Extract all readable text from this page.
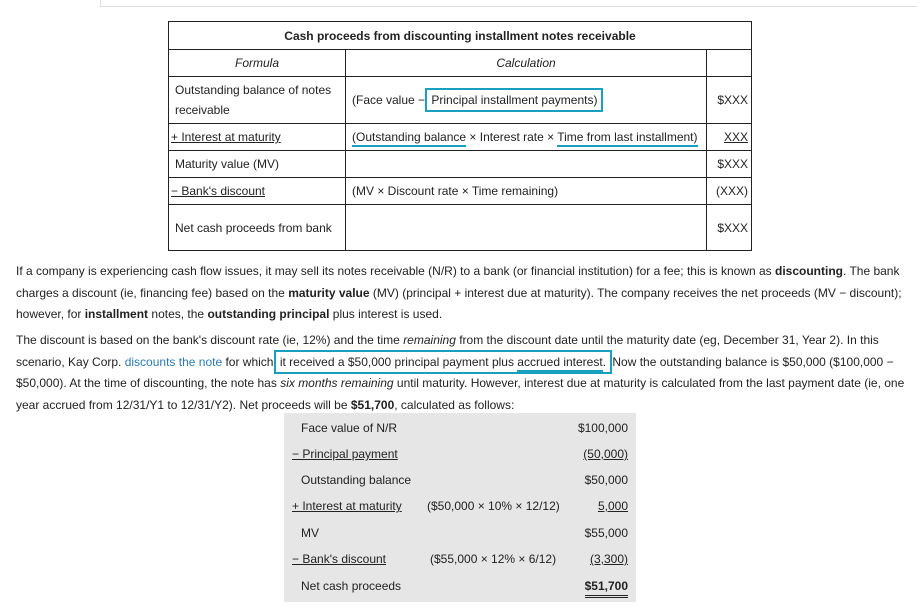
Cash proceeds from discounting installment notes receivable		
Formula	Calculation	
Outstanding balance of notes receivable	(Face value − Principal installment payments)	$XXX
+ Interest at maturity	(Outstanding balance × Interest rate × Time from last installment)	XXX
Maturity value (MV)		$XXX
− Bank's discount	(MV × Discount rate × Time remaining)	(XXX)
Net cash proceeds from bank		$XXX

If a company is experiencing cash flow issues, it may sell its notes receivable (N/R) to a bank (or financial institution) for a fee; this is known as discounting. The bank charges a discount (ie, financing fee) based on the maturity value (MV) (principal + interest due at maturity). The company receives the net proceeds (MV − discount); however, for installment notes, the outstanding principal plus interest is used.

The discount is based on the bank's discount rate (ie, 12%) and the time remaining from the discount date until the maturity date (eg, December 31, Year 2). In this scenario, Kay Corp. discounts the note for which it received a $50,000 principal payment plus accrued interest. Now the outstanding balance is $50,000 ($100,000 − $50,000). At the time of discounting, the note has six months remaining until maturity. However, interest due at maturity is calculated from the last payment date (ie, one year accrued from 12/31/Y1 to 12/31/Y2). Net proceeds will be $51,700, calculated as follows:

Face value of N/R	$100,000
− Principal payment	(50,000)
Outstanding balance	$50,000
+ Interest at maturity ($50,000 × 10% × 12/12)	5,000
MV	$55,000
− Bank's discount	($55,000 × 12% × 6/12)	(3,300)
Net cash proceeds	$51,700
